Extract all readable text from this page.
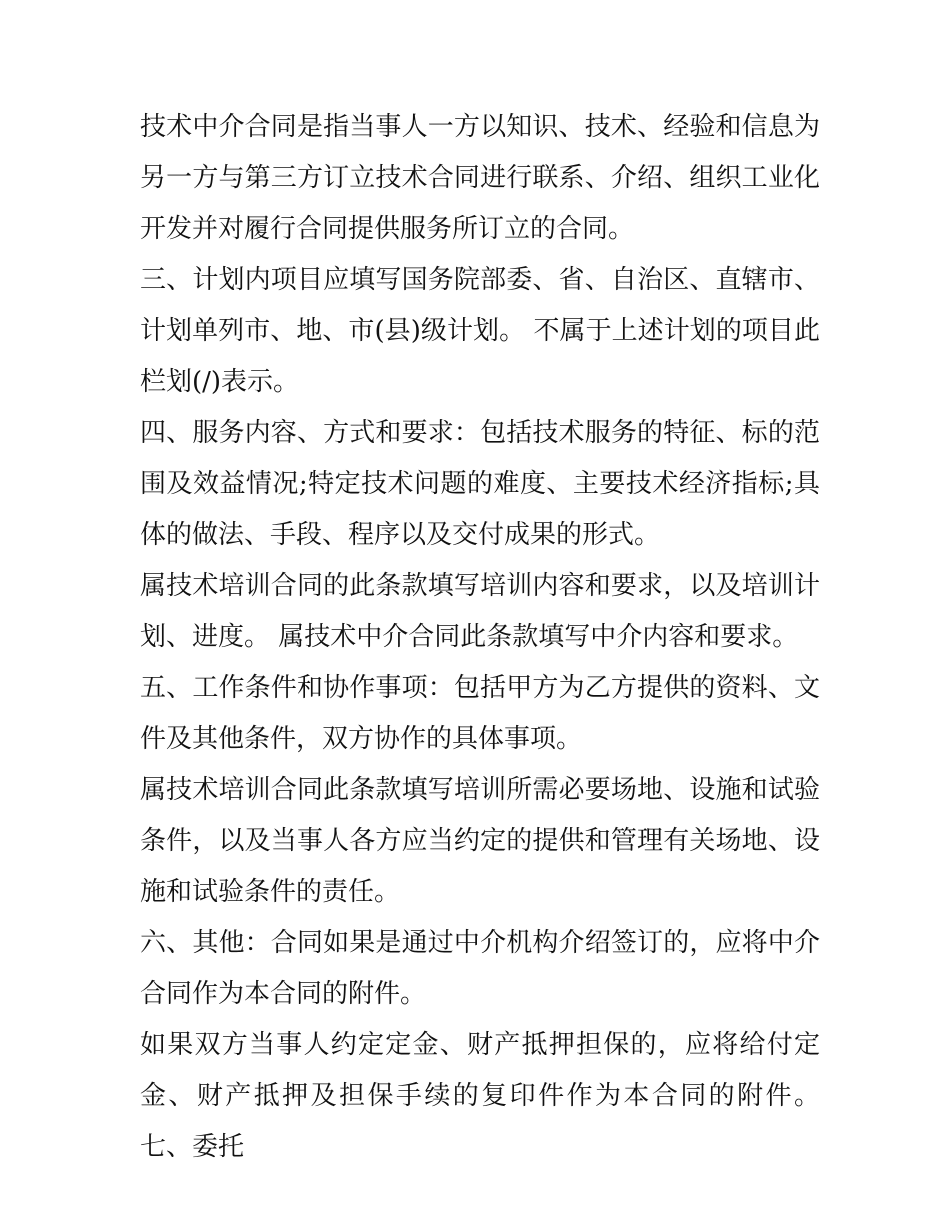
技术中介合同是指当事人一方以知识、技术、经验和信息为另一方与第三方订立技术合同进行联系、介绍、组织工业化开发并对履行合同提供服务所订立的合同。

三、计划内项目应填写国务院部委、省、自治区、直辖市、计划单列市、地、市(县)级计划。 不属于上述计划的项目此栏划(/)表示。

四、服务内容、方式和要求：包括技术服务的特征、标的范围及效益情况;特定技术问题的难度、主要技术经济指标;具体的做法、手段、程序以及交付成果的形式。

属技术培训合同的此条款填写培训内容和要求，以及培训计划、进度。 属技术中介合同此条款填写中介内容和要求。

五、工作条件和协作事项：包括甲方为乙方提供的资料、文件及其他条件，双方协作的具体事项。

属技术培训合同此条款填写培训所需必要场地、设施和试验条件，以及当事人各方应当约定的提供和管理有关场地、设施和试验条件的责任。

六、其他：合同如果是通过中介机构介绍签订的，应将中介合同作为本合同的附件。

如果双方当事人约定定金、财产抵押担保的，应将给付定金、财产抵押及担保手续的复印件作为本合同的附件。 七、委托
